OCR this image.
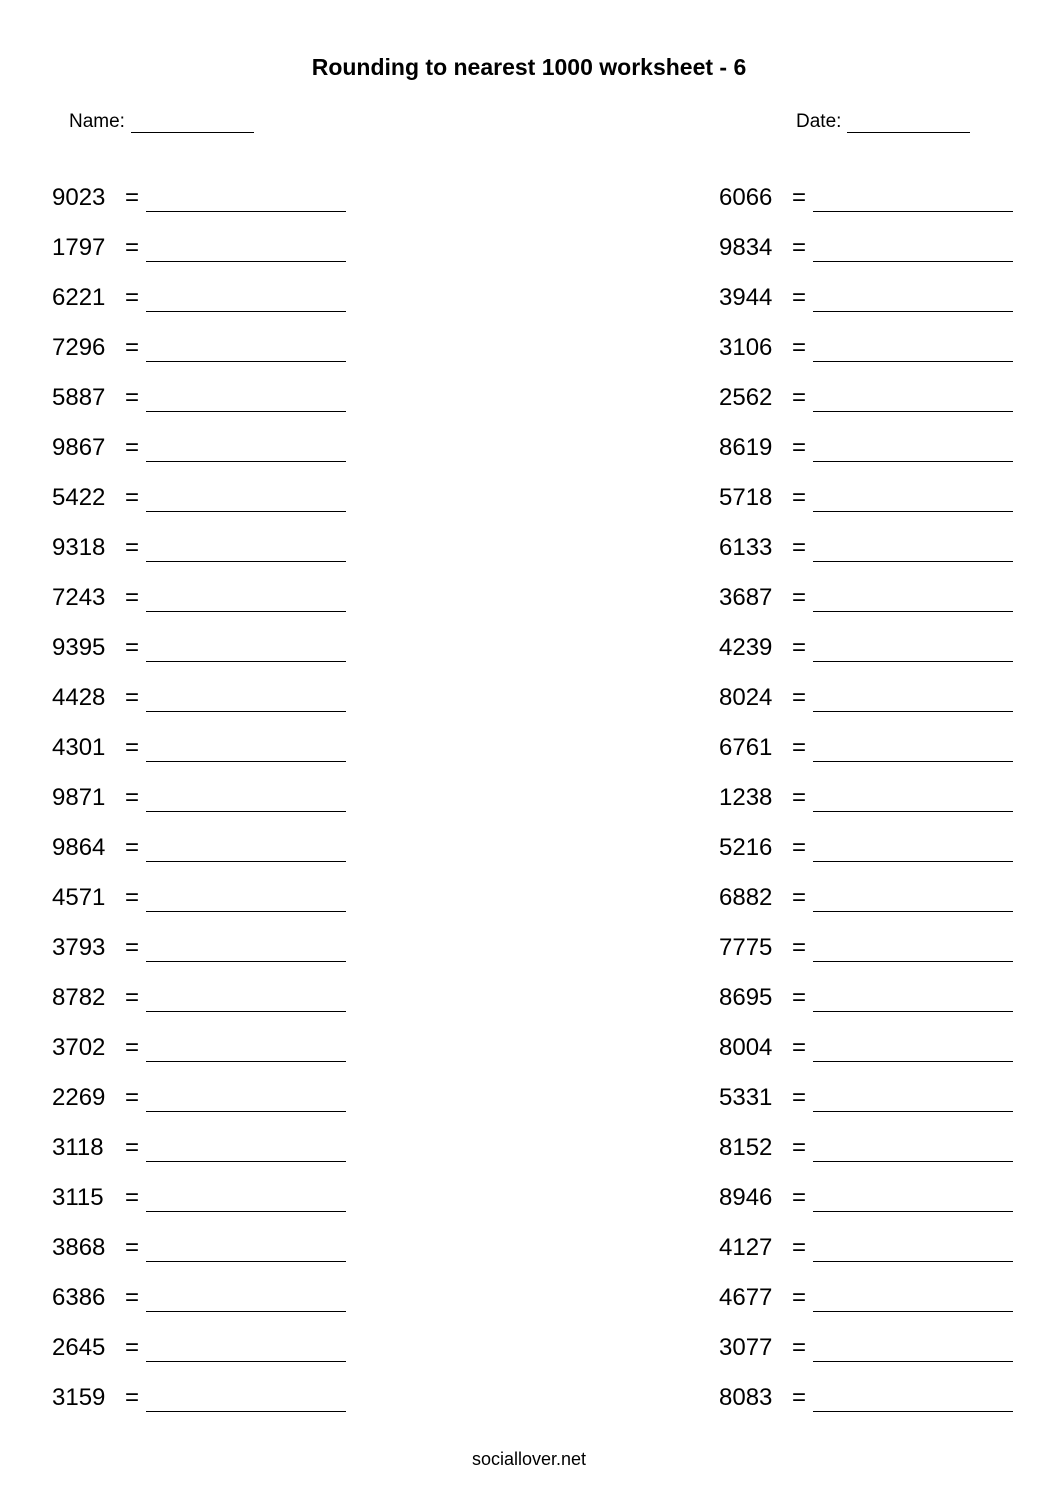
Rounding to nearest 1000 worksheet - 6
Name:	Date:
9023 =
1797 =
6221 =
7296 =
5887 =
9867 =
5422 =
9318 =
7243 =
9395 =
4428 =
4301 =
9871 =
9864 =
4571 =
3793 =
8782 =
3702 =
2269 =
3118 =
3115 =
3868 =
6386 =
2645 =
3159 =
6066 =
9834 =
3944 =
3106 =
2562 =
8619 =
5718 =
6133 =
3687 =
4239 =
8024 =
6761 =
1238 =
5216 =
6882 =
7775 =
8695 =
8004 =
5331 =
8152 =
8946 =
4127 =
4677 =
3077 =
8083 =
sociallover.net
